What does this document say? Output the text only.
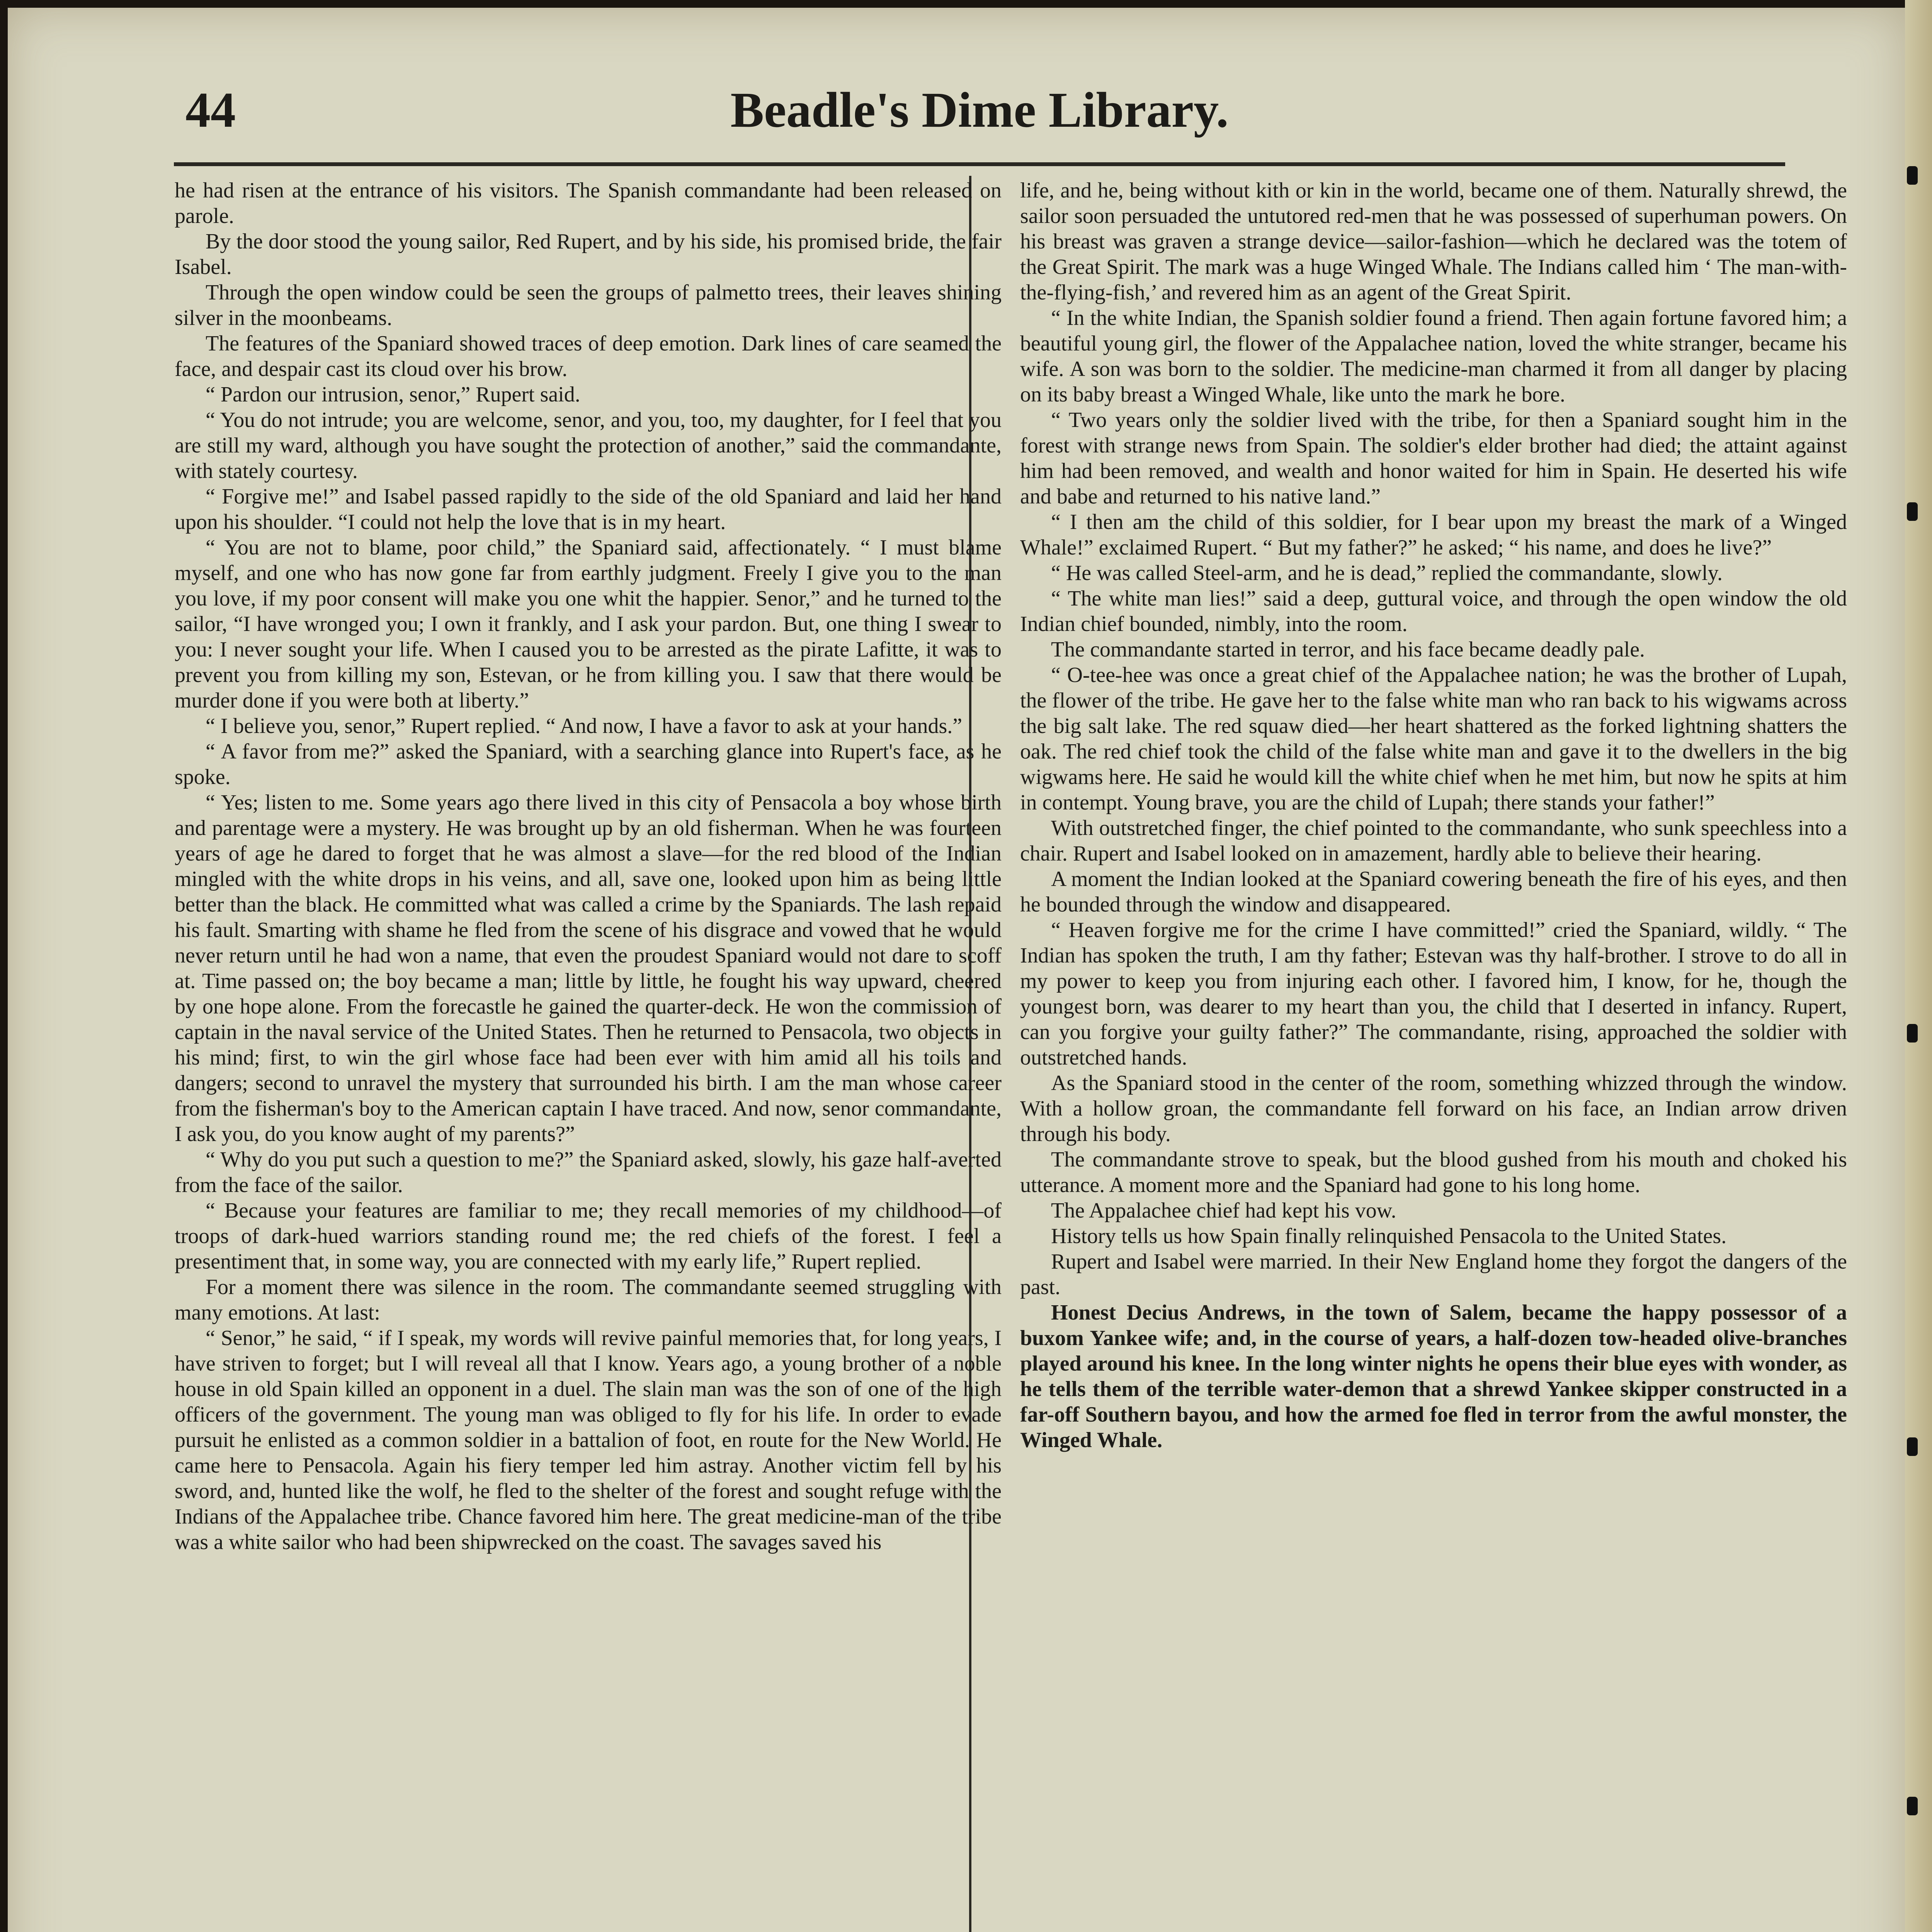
44	Beadle's Dime Library.

he had risen at the entrance of his visitors. The Spanish commandante had been released on parole.

By the door stood the young sailor, Red Rupert, and by his side, his promised bride, the fair Isabel.

Through the open window could be seen the groups of palmetto trees, their leaves shining silver in the moonbeams.

The features of the Spaniard showed traces of deep emotion. Dark lines of care seamed the face, and despair cast its cloud over his brow.

“ Pardon our intrusion, senor,” Rupert said.

“ You do not intrude; you are welcome, senor, and you, too, my daughter, for I feel that you are still my ward, although you have sought the protection of another,” said the commandante, with stately courtesy.

“ Forgive me!” and Isabel passed rapidly to the side of the old Spaniard and laid her hand upon his shoulder. “I could not help the love that is in my heart.

“ You are not to blame, poor child,” the Spaniard said, affectionately. “ I must blame myself, and one who has now gone far from earthly judgment. Freely I give you to the man you love, if my poor consent will make you one whit the happier. Senor,” and he turned to the sailor, “I have wronged you; I own it frankly, and I ask your pardon. But, one thing I swear to you: I never sought your life. When I caused you to be arrested as the pirate Lafitte, it was to prevent you from killing my son, Estevan, or he from killing you. I saw that there would be murder done if you were both at liberty.”

“ I believe you, senor,” Rupert replied. “ And now, I have a favor to ask at your hands.”

“ A favor from me?” asked the Spaniard, with a searching glance into Rupert's face, as he spoke.

“ Yes; listen to me. Some years ago there lived in this city of Pensacola a boy whose birth and parentage were a mystery. He was brought up by an old fisherman. When he was fourteen years of age he dared to forget that he was almost a slave—for the red blood of the Indian mingled with the white drops in his veins, and all, save one, looked upon him as being little better than the black. He committed what was called a crime by the Spaniards. The lash repaid his fault. Smarting with shame he fled from the scene of his disgrace and vowed that he would never return until he had won a name, that even the proudest Spaniard would not dare to scoff at. Time passed on; the boy became a man; little by little, he fought his way upward, cheered by one hope alone. From the forecastle he gained the quarter-deck. He won the commission of captain in the naval service of the United States. Then he returned to Pensacola, two objects in his mind; first, to win the girl whose face had been ever with him amid all his toils and dangers; second to unravel the mystery that surrounded his birth. I am the man whose career from the fisherman's boy to the American captain I have traced. And now, senor commandante, I ask you, do you know aught of my parents?”

“ Why do you put such a question to me?” the Spaniard asked, slowly, his gaze half-averted from the face of the sailor.

“ Because your features are familiar to me; they recall memories of my childhood—of troops of dark-hued warriors standing round me; the red chiefs of the forest. I feel a presentiment that, in some way, you are connected with my early life,” Rupert replied.

For a moment there was silence in the room. The commandante seemed struggling with many emotions. At last:

“ Senor,” he said, “ if I speak, my words will revive painful memories that, for long years, I have striven to forget; but I will reveal all that I know. Years ago, a young brother of a noble house in old Spain killed an opponent in a duel. The slain man was the son of one of the high officers of the government. The young man was obliged to fly for his life. In order to evade pursuit he enlisted as a common soldier in a battalion of foot, en route for the New World. He came here to Pensacola. Again his fiery temper led him astray. Another victim fell by his sword, and, hunted like the wolf, he fled to the shelter of the forest and sought refuge with the Indians of the Appalachee tribe. Chance favored him here. The great medicine-man of the tribe was a white sailor who had been shipwrecked on the coast. The savages saved his

life, and he, being without kith or kin in the world, became one of them. Naturally shrewd, the sailor soon persuaded the untutored red-men that he was possessed of superhuman powers. On his breast was graven a strange device—sailor-fashion—which he declared was the totem of the Great Spirit. The mark was a huge Winged Whale. The Indians called him ‘ The man-with-the-flying-fish,’ and revered him as an agent of the Great Spirit.

“ In the white Indian, the Spanish soldier found a friend. Then again fortune favored him; a beautiful young girl, the flower of the Appalachee nation, loved the white stranger, became his wife. A son was born to the soldier. The medicine-man charmed it from all danger by placing on its baby breast a Winged Whale, like unto the mark he bore.

“ Two years only the soldier lived with the tribe, for then a Spaniard sought him in the forest with strange news from Spain. The soldier's elder brother had died; the attaint against him had been removed, and wealth and honor waited for him in Spain. He deserted his wife and babe and returned to his native land.”

“ I then am the child of this soldier, for I bear upon my breast the mark of a Winged Whale!” exclaimed Rupert. “ But my father?” he asked; “ his name, and does he live?”

“ He was called Steel-arm, and he is dead,” replied the commandante, slowly.

“ The white man lies!” said a deep, guttural voice, and through the open window the old Indian chief bounded, nimbly, into the room.

The commandante started in terror, and his face became deadly pale.

“ O-tee-hee was once a great chief of the Appalachee nation; he was the brother of Lupah, the flower of the tribe. He gave her to the false white man who ran back to his wigwams across the big salt lake. The red squaw died—her heart shattered as the forked lightning shatters the oak. The red chief took the child of the false white man and gave it to the dwellers in the big wigwams here. He said he would kill the white chief when he met him, but now he spits at him in contempt. Young brave, you are the child of Lupah; there stands your father!”

With outstretched finger, the chief pointed to the commandante, who sunk speechless into a chair. Rupert and Isabel looked on in amazement, hardly able to believe their hearing.

A moment the Indian looked at the Spaniard cowering beneath the fire of his eyes, and then he bounded through the window and disappeared.

“ Heaven forgive me for the crime I have committed!” cried the Spaniard, wildly. “ The Indian has spoken the truth, I am thy father; Estevan was thy half-brother. I strove to do all in my power to keep you from injuring each other. I favored him, I know, for he, though the youngest born, was dearer to my heart than you, the child that I deserted in infancy. Rupert, can you forgive your guilty father?” The commandante, rising, approached the soldier with outstretched hands.

As the Spaniard stood in the center of the room, something whizzed through the window. With a hollow groan, the commandante fell forward on his face, an Indian arrow driven through his body.

The commandante strove to speak, but the blood gushed from his mouth and choked his utterance. A moment more and the Spaniard had gone to his long home.

The Appalachee chief had kept his vow.

History tells us how Spain finally relinquished Pensacola to the United States.

Rupert and Isabel were married. In their New England home they forgot the dangers of the past.

Honest Decius Andrews, in the town of Salem, became the happy possessor of a buxom Yankee wife; and, in the course of years, a half-dozen tow-headed olive-branches played around his knee. In the long winter nights he opens their blue eyes with wonder, as he tells them of the terrible water-demon that a shrewd Yankee skipper constructed in a far-off Southern bayou, and how the armed foe fled in terror from the awful monster, the Winged Whale.
